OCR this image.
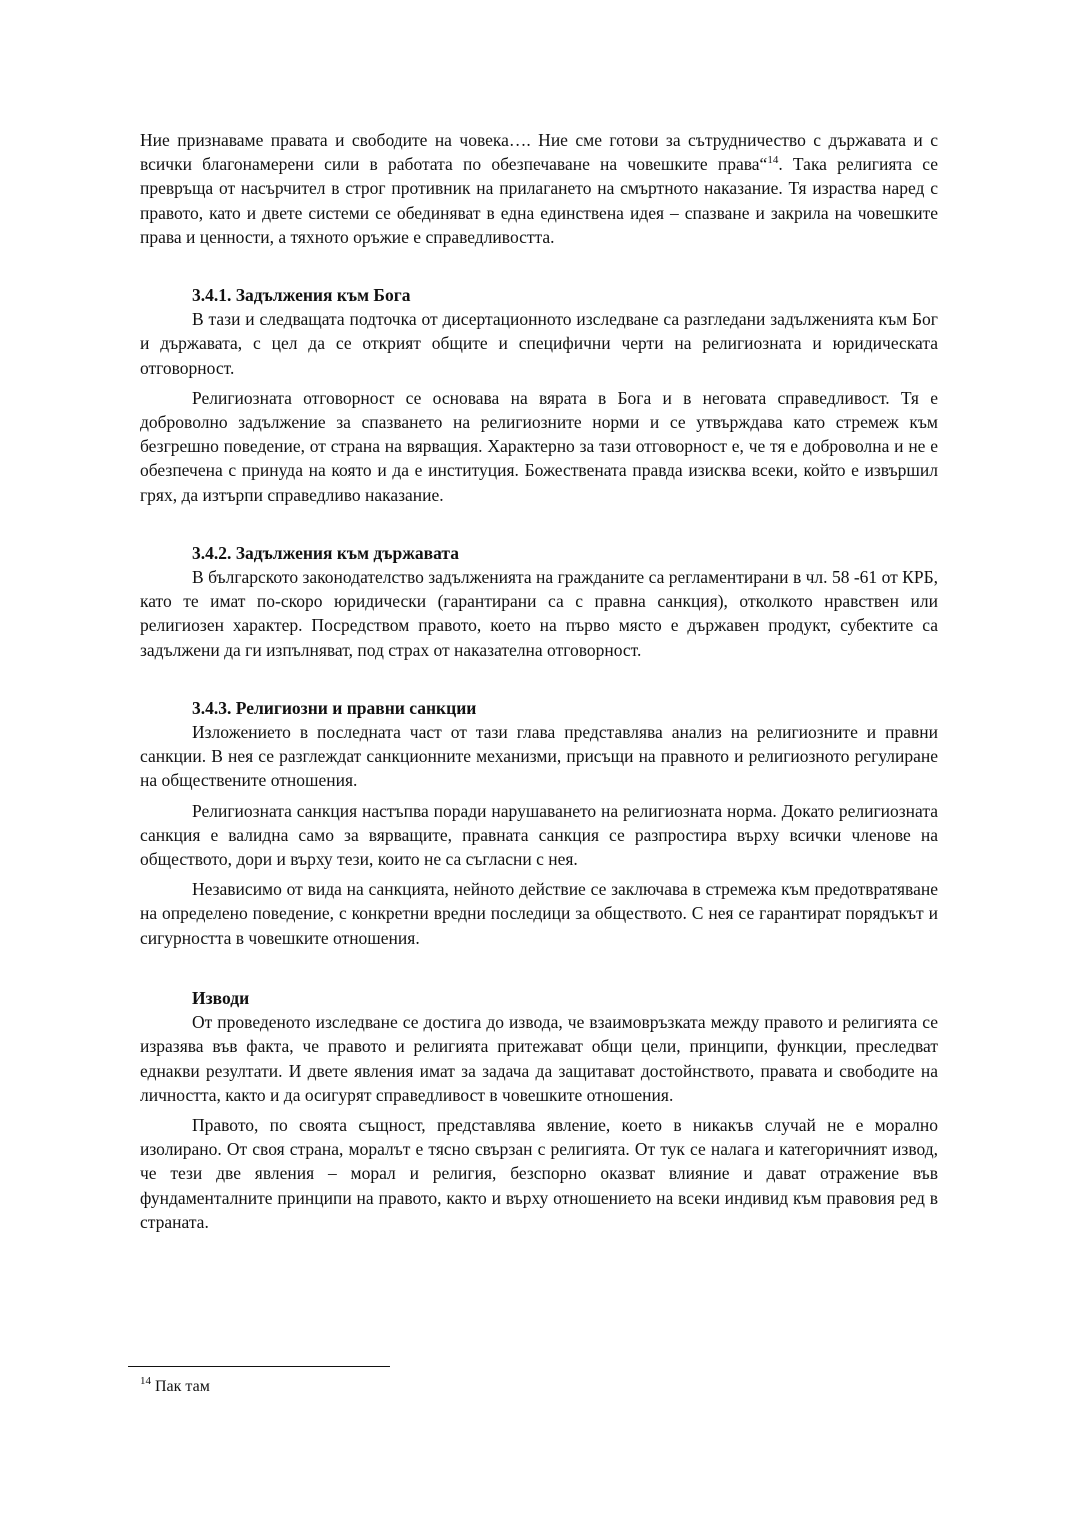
Ние признаваме правата и свободите на човека…. Ние сме готови за сътрудничество с държавата и с всички благонамерени сили в работата по обезпечаване на човешките права“$^{14}$. Така религията се превръща от насърчител в строг противник на прилагането на смъртното наказание. Тя израства наред с правото, като и двете системи се обединяват в една единствена идея – спазване и закрила на човешките права и ценности, а тяхното оръжие е справедливостта.

3.4.1. Задължения към Бога

В тази и следващата подточка от дисертационното изследване са разгледани задълженията към Бог и държавата, с цел да се открият общите и специфични черти на религиозната и юридическата отговорност.

Религиозната отговорност се основава на вярата в Бога и в неговата справедливост. Тя е доброволно задължение за спазването на религиозните норми и се утвърждава като стремеж към безгрешно поведение, от страна на вярващия. Характерно за тази отговорност е, че тя е доброволна и не е обезпечена с принуда на която и да е институция. Божествената правда изисква всеки, който е извършил грях, да изтърпи справедливо наказание.

3.4.2. Задължения към държавата

В българското законодателство задълженията на гражданите са регламентирани в чл. 58 -61 от КРБ, като те имат по-скоро юридически (гарантирани са с правна санкция), отколкото нравствен или религиозен характер. Посредством правото, което на първо място е държавен продукт, субектите са задължени да ги изпълняват, под страх от наказателна отговорност.

3.4.3. Религиозни и правни санкции

Изложението в последната част от тази глава представлява анализ на религиозните и правни санкции. В нея се разглеждат санкционните механизми, присъщи на правното и религиозното регулиране на обществените отношения.

Религиозната санкция настъпва поради нарушаването на религиозната норма. Докато религиозната санкция е валидна само за вярващите, правната санкция се разпростира върху всички членове на обществото, дори и върху тези, които не са съгласни с нея.

Независимо от вида на санкцията, нейното действие се заключава в стремежа към предотвратяване на определено поведение, с конкретни вредни последици за обществото. С нея се гарантират порядъкът и сигурността в човешките отношения.

Изводи

От проведеното изследване се достига до извода, че взаимовръзката между правото и религията се изразява във факта, че правото и религията притежават общи цели, принципи, функции, преследват еднакви резултати. И двете явления имат за задача да защитават достойнството, правата и свободите на личността, както и да осигурят справедливост в човешките отношения.

Правото, по своята същност, представлява явление, което в никакъв случай не е морално изолирано. От своя страна, моралът е тясно свързан с религията. От тук се налага и категоричният извод, че тези две явления – морал и религия, безспорно оказват влияние и дават отражение във фундаменталните принципи на правото, както и върху отношението на всеки индивид към правовия ред в страната.

$^{14}$ Пак там
